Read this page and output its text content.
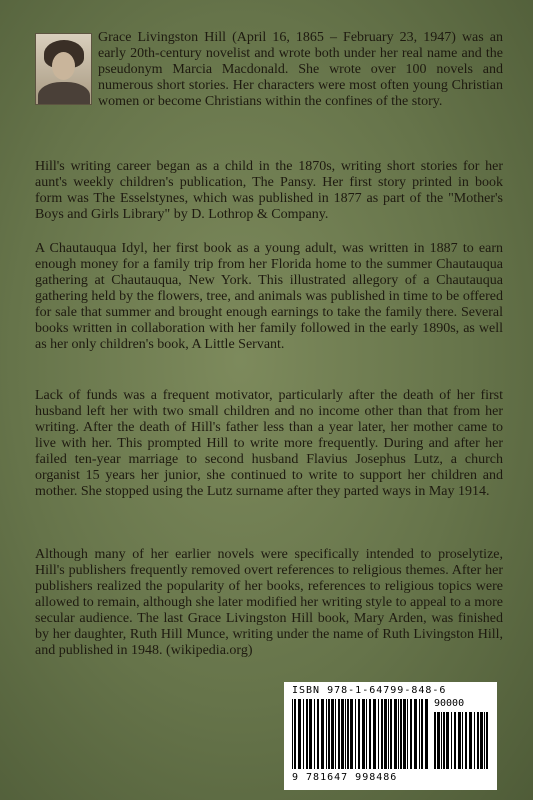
Grace Livingston Hill (April 16, 1865 – February 23, 1947) was an early 20th-century novelist and wrote both under her real name and the pseudonym Marcia Macdonald. She wrote over 100 novels and numerous short stories. Her characters were most often young Christian women or become Christians within the confines of the story.

Hill's writing career began as a child in the 1870s, writing short stories for her aunt's weekly children's publication, The Pansy. Her first story printed in book form was The Esselstynes, which was published in 1877 as part of the "Mother's Boys and Girls Library" by D. Lothrop & Company.

A Chautauqua Idyl, her first book as a young adult, was written in 1887 to earn enough money for a family trip from her Florida home to the summer Chautauqua gathering at Chautauqua, New York. This illustrated allegory of a Chautauqua gathering held by the flowers, tree, and animals was published in time to be offered for sale that summer and brought enough earnings to take the family there. Several books written in collaboration with her family followed in the early 1890s, as well as her only children's book, A Little Servant.

Lack of funds was a frequent motivator, particularly after the death of her first husband left her with two small children and no income other than that from her writing. After the death of Hill's father less than a year later, her mother came to live with her. This prompted Hill to write more frequently. During and after her failed ten-year marriage to second husband Flavius Josephus Lutz, a church organist 15 years her junior, she continued to write to support her children and mother. She stopped using the Lutz surname after they parted ways in May 1914.

Although many of her earlier novels were specifically intended to proselytize, Hill's publishers frequently removed overt references to religious themes. After her publishers realized the popularity of her books, references to religious topics were allowed to remain, although she later modified her writing style to appeal to a more secular audience. The last Grace Livingston Hill book, Mary Arden, was finished by her daughter, Ruth Hill Munce, writing under the name of Ruth Livingston Hill, and published in 1948. (wikipedia.org)

ISBN 978-1-64799-848-6
90000
9 781647 998486
